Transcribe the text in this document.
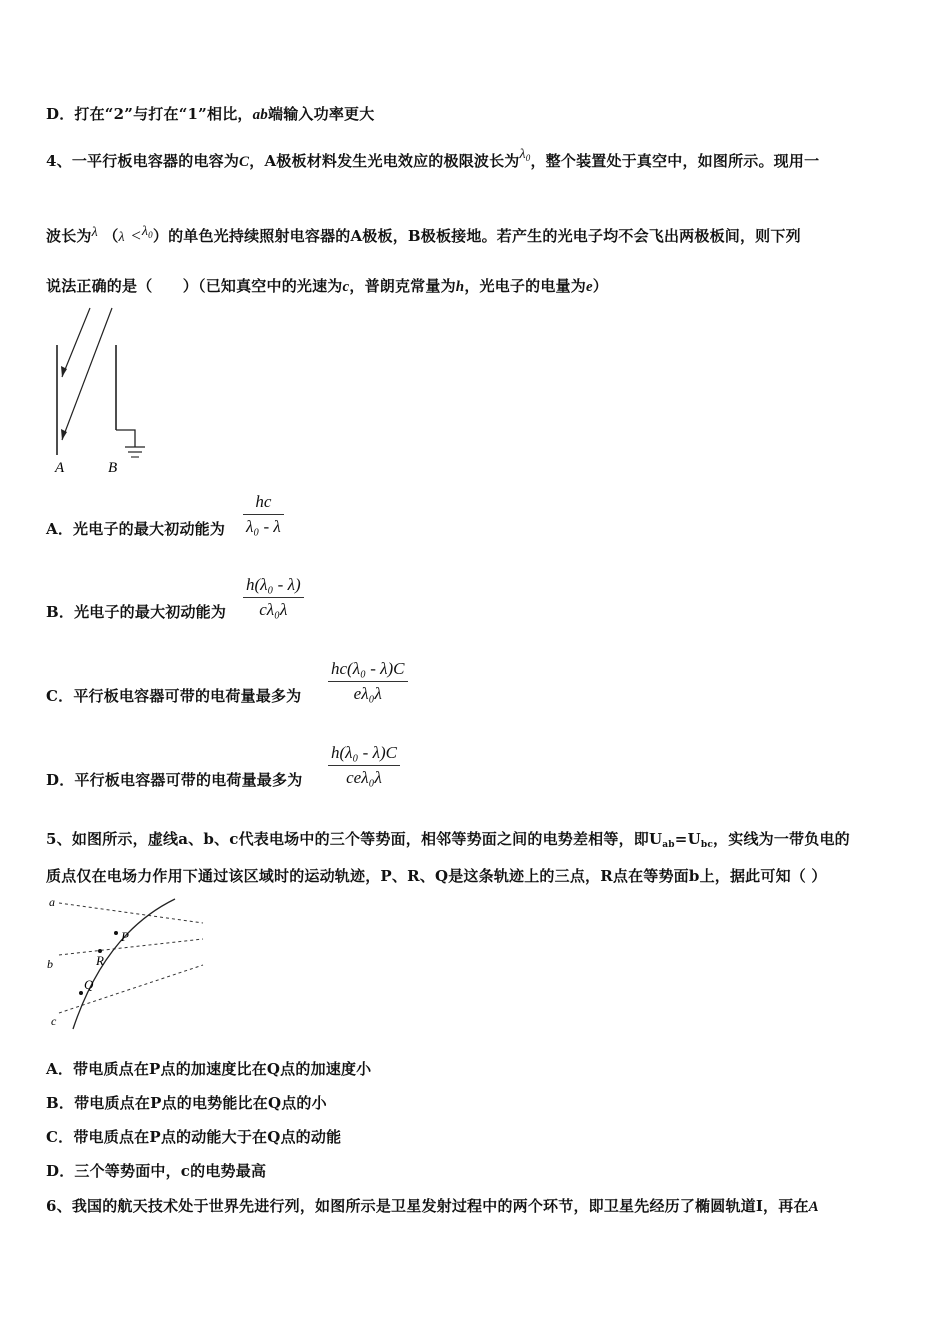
D．打在“2”与打在“1”相比，ab端输入功率更大
4、一平行板电容器的电容为C，A极板材料发生光电效应的极限波长为$\lambda_0$，整个装置处于真空中，如图所示。现用一
波长为λ $(\lambda <\lambda_0)$的单色光持续照射电容器的A极板，B极板接地。若产生的光电子均不会飞出两极板间，则下列
说法正确的是（　　）（已知真空中的光速为c，普朗克常量为h，光电子的电量为e）
A	B
A．光电子的最大初动能为 $\frac{hc}{\text{λ₀ - λ}}$
B．光电子的最大初动能为 $\frac{\text{h(λ₀ - λ)}}{\text{cλ₀λ}}$
C．平行板电容器可带的电荷量最多为 $\frac{\text{hc(λ₀ - λ)C}}{\text{eλ₀λ}}$
D．平行板电容器可带的电荷量最多为
h(λ₀ - λ)C
ceλ₀λ
5、如图所示，虚线a、b、c代表电场中的三个等势面，相邻等势面之间的电势差相等，即$U_{ab}=U_{bc}$，实线为一带负电的
质点仅在电场力作用下通过该区域时的运动轨迹，P、R、Q是这条轨迹上的三点，R点在等势面b上，据此可知（ ）
a
b
c
P
R
Q
A．带电质点在P点的加速度比在Q点的加速度小
B．带电质点在P点的电势能比在Q点的小
C．带电质点在P点的动能大于在Q点的动能
D．三个等势面中，c的电势最高
6、我国的航天技术处于世界先进行列，如图所示是卫星发射过程中的两个环节，即卫星先经历了椭圆轨道Ⅰ，再在A
